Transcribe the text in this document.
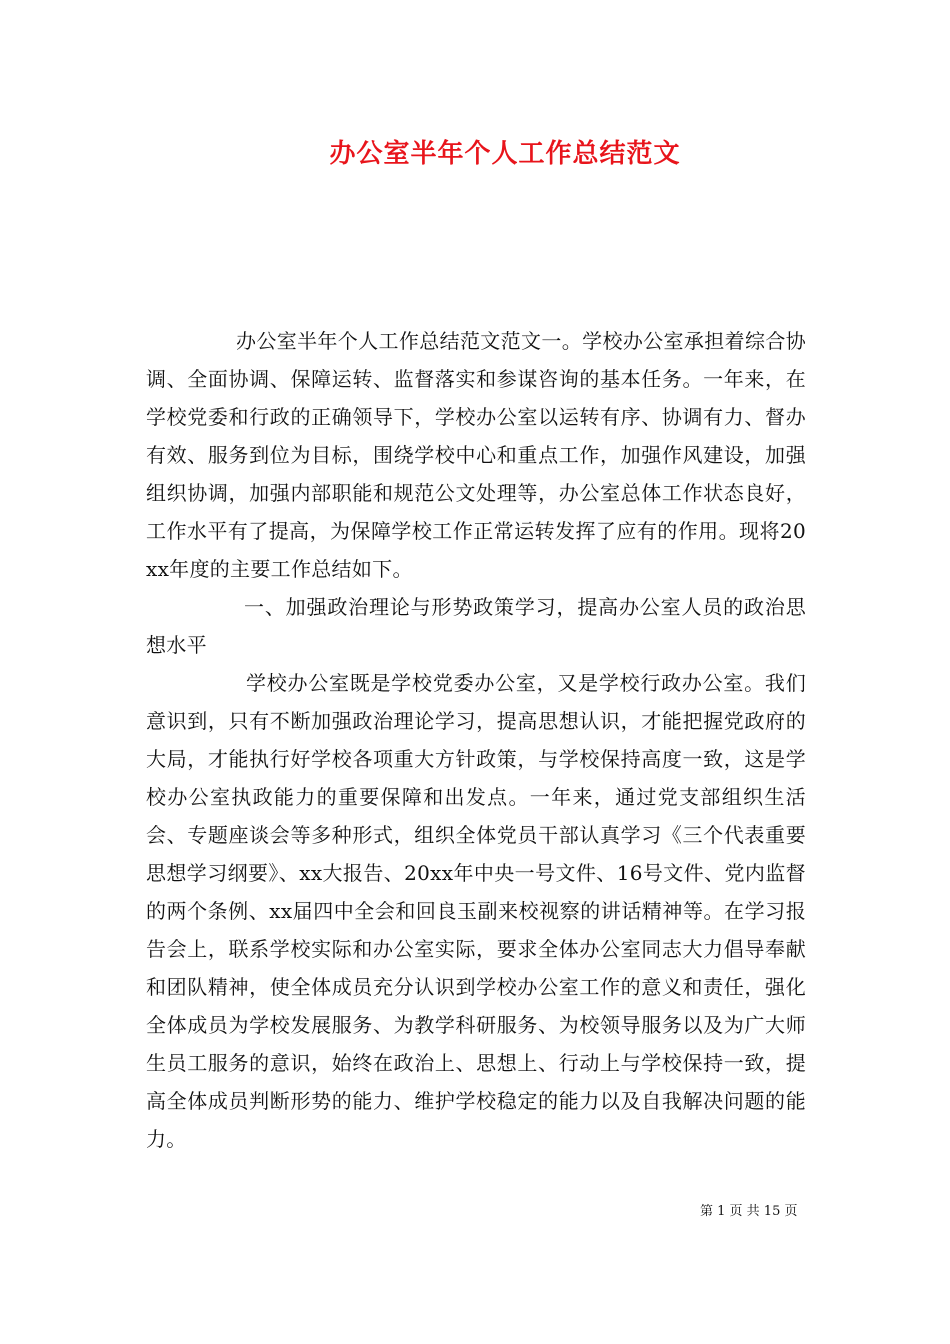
办公室半年个人工作总结范文

办公室半年个人工作总结范文范文一。学校办公室承担着综合协调、全面协调、保障运转、监督落实和参谋咨询的基本任务。一年来，在学校党委和行政的正确领导下，学校办公室以运转有序、协调有力、督办有效、服务到位为目标，围绕学校中心和重点工作，加强作风建设，加强组织协调，加强内部职能和规范公文处理等，办公室总体工作状态良好，工作水平有了提高，为保障学校工作正常运转发挥了应有的作用。现将20xx年度的主要工作总结如下。

一、加强政治理论与形势政策学习，提高办公室人员的政治思想水平

学校办公室既是学校党委办公室，又是学校行政办公室。我们意识到，只有不断加强政治理论学习，提高思想认识，才能把握党政府的大局，才能执行好学校各项重大方针政策，与学校保持高度一致，这是学校办公室执政能力的重要保障和出发点。一年来，通过党支部组织生活会、专题座谈会等多种形式，组织全体党员干部认真学习《三个代表重要思想学习纲要》、xx大报告、20xx年中央一号文件、16号文件、党内监督的两个条例、xx届四中全会和回良玉副来校视察的讲话精神等。在学习报告会上，联系学校实际和办公室实际，要求全体办公室同志大力倡导奉献和团队精神，使全体成员充分认识到学校办公室工作的意义和责任，强化全体成员为学校发展服务、为教学科研服务、为校领导服务以及为广大师生员工服务的意识，始终在政治上、思想上、行动上与学校保持一致，提高全体成员判断形势的能力、维护学校稳定的能力以及自我解决问题的能力。

第 1 页 共 15 页
